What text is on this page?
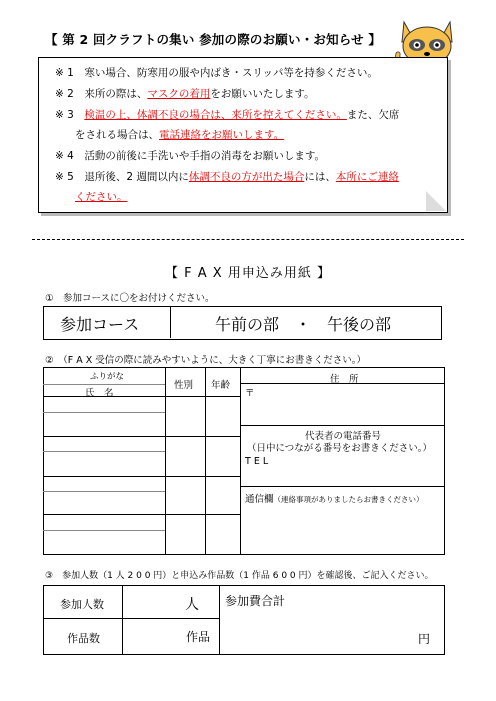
【 第 2 回クラフトの集い 参加の際のお願い・お知らせ 】
※ 1　 寒い場合、防寒用の服や内ばき・スリッパ等を持参ください。
※ 2　 来所の際は、マスクの着用をお願いいたします。
※ 3　 検温の上、体調不良の場合は、来所を控えてください。また、欠席
をされる場合は、電話連絡をお願いします。
※ 4　 活動の前後に手洗いや手指の消毒をお願いします。
※ 5　 退所後、2 週間以内に体調不良の方が出た場合には、本所にご連絡
ください。
【 F A X 用申込み用紙 】
①　参加コースに〇をお付けください。
参加コース	午前の部　・　午後の部
②　（F A X 受信の際に読みやすいように、大きく丁寧にお書きください。）
ふりがな
氏　名
性別 年齢
住　所
〒
代表者の電話番号
（日中につながる番号をお書きください。）
T E L
通信欄（連絡事項がありましたらお書きください）
③　参加人数（1 人 2 0 0 円）と申込み作品数（1 作品 6 0 0 円）を確認後、ご記入ください。
参加人数	人
作品数	作品
参加費合計
円
